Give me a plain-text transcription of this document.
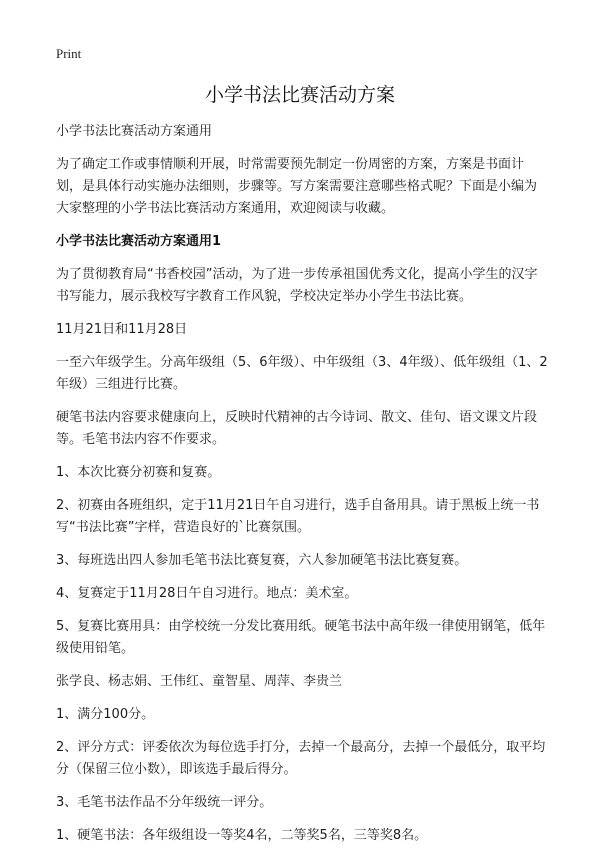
Print
小学书法比赛活动方案

小学书法比赛活动方案通用

为了确定工作或事情顺利开展，时常需要预先制定一份周密的方案，方案是书面计划，是具体行动实施办法细则，步骤等。写方案需要注意哪些格式呢？下面是小编为大家整理的小学书法比赛活动方案通用，欢迎阅读与收藏。

小学书法比赛活动方案通用1

为了贯彻教育局“书香校园”活动，为了进一步传承祖国优秀文化，提高小学生的汉字书写能力，展示我校写字教育工作风貌，学校决定举办小学生书法比赛。

11月21日和11月28日

一至六年级学生。分高年级组（5、6年级）、中年级组（3、4年级）、低年级组（1、2年级）三组进行比赛。

硬笔书法内容要求健康向上，反映时代精神的古今诗词、散文、佳句、语文课文片段等。毛笔书法内容不作要求。

1、本次比赛分初赛和复赛。

2、初赛由各班组织，定于11月21日午自习进行，选手自备用具。请于黑板上统一书写“书法比赛”字样，营造良好的`比赛氛围。

3、每班选出四人参加毛笔书法比赛复赛，六人参加硬笔书法比赛复赛。

4、复赛定于11月28日午自习进行。地点：美术室。

5、复赛比赛用具：由学校统一分发比赛用纸。硬笔书法中高年级一律使用钢笔，低年级使用铅笔。

张学良、杨志娟、王伟红、童智星、周萍、李贵兰

1、满分100分。

2、评分方式：评委依次为每位选手打分，去掉一个最高分，去掉一个最低分，取平均分（保留三位小数），即该选手最后得分。

3、毛笔书法作品不分年级统一评分。

1、硬笔书法：各年级组设一等奖4名，二等奖5名，三等奖8名。
